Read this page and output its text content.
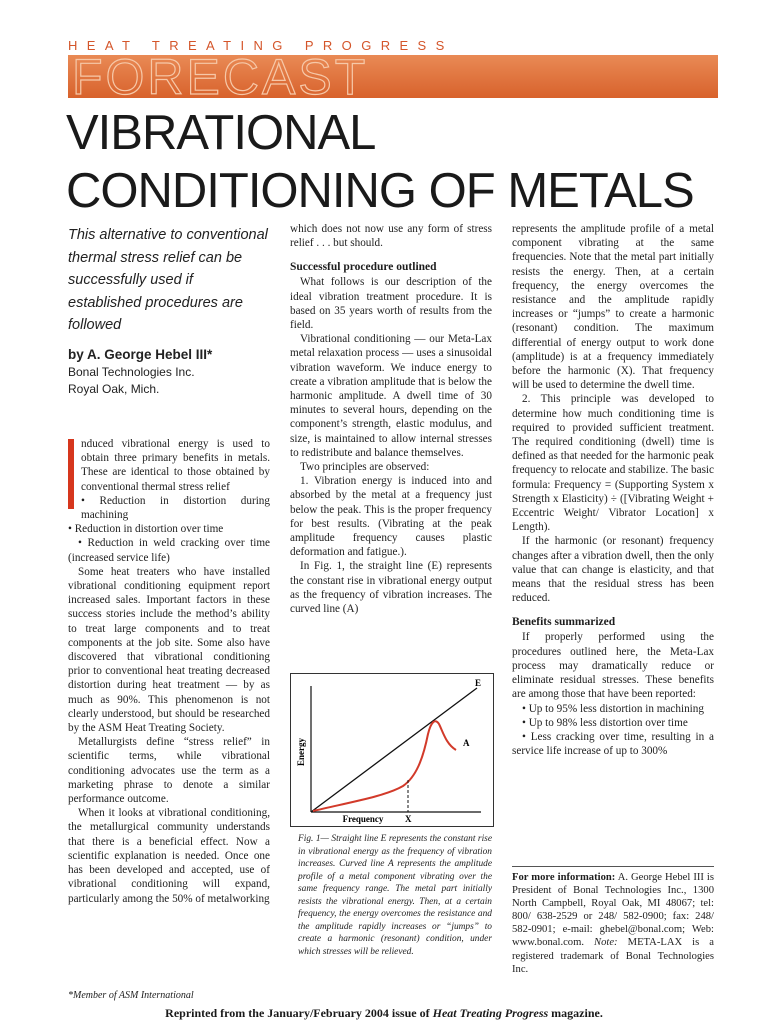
HEAT TREATING PROGRESS
FORECAST
VIBRATIONAL
CONDITIONING OF METALS
This alternative to conventional thermal stress relief can be successfully used if established procedures are followed
by A. George Hebel III*
Bonal Technologies Inc.
Royal Oak, Mich.

nduced vibrational energy is used to obtain three primary benefits in metals. These are identical to those obtained by conventional thermal stress relief

• Reduction in distortion during machining

• Reduction in distortion over time

• Reduction in weld cracking over time (increased service life)

Some heat treaters who have installed vibrational conditioning equipment report increased sales. Important factors in these success stories include the method’s ability to treat large components and to treat components at the job site. Some also have discovered that vibrational conditioning prior to conventional heat treating decreased distortion during heat treatment — by as much as 90%. This phenomenon is not clearly understood, but should be researched by the ASM Heat Treating Society.

Metallurgists define “stress relief” in scientific terms, while vibrational conditioning advocates use the term as a marketing phrase to denote a similar performance outcome.

When it looks at vibrational conditioning, the metallurgical community understands that there is a beneficial effect. Now a scientific explanation is needed. Once one has been developed and accepted, use of vibrational conditioning will expand, particularly among the 50% of metalworking

*Member of ASM International

which does not now use any form of stress relief . . . but should.

Successful procedure outlined

What follows is our description of the ideal vibration treatment procedure. It is based on 35 years worth of results from the field.

Vibrational conditioning — our Meta-Lax metal relaxation process — uses a sinusoidal vibration waveform. We induce energy to create a vibration amplitude that is below the harmonic amplitude. A dwell time of 30 minutes to several hours, depending on the component’s strength, elastic modulus, and size, is maintained to allow internal stresses to redistribute and balance themselves.

Two principles are observed:

1. Vibration energy is induced into and absorbed by the metal at a frequency just below the peak. This is the proper frequency for best results. (Vibrating at the peak amplitude frequency causes plastic deformation and fatigue.).

In Fig. 1, the straight line (E) represents the constant rise in vibrational energy output as the frequency of vibration increases. The curved line (A)

E
A
X
Frequency
Energy
Fig. 1— Straight line E represents the constant rise in vibrational energy as the frequency of vibration increases. Curved line A represents the amplitude profile of a metal component vibrating over the same frequency range. The metal part initially resists the vibrational energy. Then, at a certain frequency, the energy overcomes the resistance and the amplitude rapidly increases or “jumps” to create a harmonic (resonant) condition, under which stresses will be relieved.

represents the amplitude profile of a metal component vibrating at the same frequencies. Note that the metal part initially resists the energy. Then, at a certain frequency, the energy overcomes the resistance and the amplitude rapidly increases or “jumps” to create a harmonic (resonant) condition. The maximum differential of energy output to work done (amplitude) is at a frequency immediately before the harmonic (X). That frequency will be used to determine the dwell time.

2. This principle was developed to determine how much conditioning time is required to provided sufficient treatment. The required conditioning (dwell) time is defined as that needed for the harmonic peak frequency to relocate and stabilize. The basic formula: Frequency = (Supporting System x Strength x Elasticity) ÷ ([Vibrating Weight + Eccentric Weight/ Vibrator Location] x Length).

If the harmonic (or resonant) frequency changes after a vibration dwell, then the only value that can change is elasticity, and that means that the residual stress has been reduced.

Benefits summarized

If properly performed using the procedures outlined here, the Meta-Lax process may dramatically reduce or eliminate residual stresses. These benefits are among those that have been reported:

• Up to 95% less distortion in machining

• Up to 98% less distortion over time

• Less cracking over time, resulting in a service life increase of up to 300%

For more information: A. George Hebel III is President of Bonal Technologies Inc., 1300 North Campbell, Royal Oak, MI 48067; tel: 800/ 638-2529 or 248/ 582-0900; fax: 248/ 582-0901; e-mail: ghebel@bonal.com; Web: www.bonal.com. Note: META-LAX is a registered trademark of Bonal Technologies Inc.
Reprinted from the January/February 2004 issue of Heat Treating Progress magazine.
